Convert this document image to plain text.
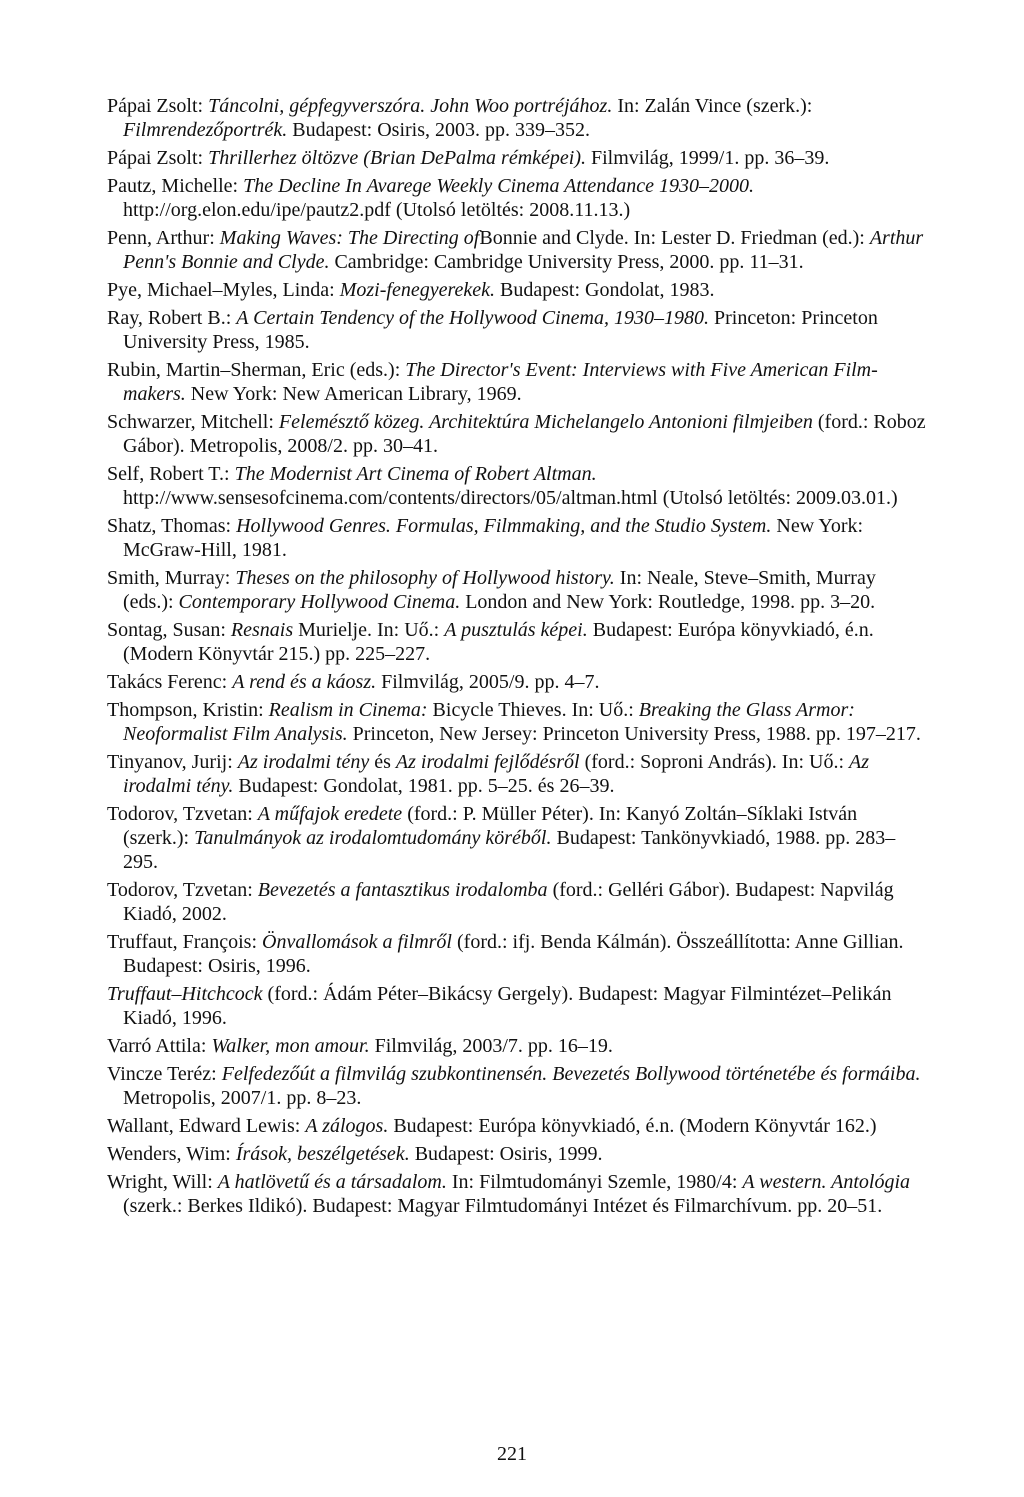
Pápai Zsolt: Táncolni, gépfegyverszóra. John Woo portréjához. In: Zalán Vince (szerk.): Filmrendezőportrék. Budapest: Osiris, 2003. pp. 339–352.

Pápai Zsolt: Thrillerhez öltözve (Brian DePalma rémképei). Filmvilág, 1999/1. pp. 36–39.

Pautz, Michelle: The Decline In Avarege Weekly Cinema Attendance 1930–2000. http://org.elon.edu/ipe/pautz2.pdf (Utolsó letöltés: 2008.11.13.)

Penn, Arthur: Making Waves: The Directing ofBonnie and Clyde. In: Lester D. Friedman (ed.): Arthur Penn's Bonnie and Clyde. Cambridge: Cambridge University Press, 2000. pp. 11–31.

Pye, Michael–Myles, Linda: Mozi-fenegyerekek. Budapest: Gondolat, 1983.

Ray, Robert B.: A Certain Tendency of the Hollywood Cinema, 1930–1980. Princeton: Princeton University Press, 1985.

Rubin, Martin–Sherman, Eric (eds.): The Director's Event: Interviews with Five American Film-makers. New York: New American Library, 1969.

Schwarzer, Mitchell: Felemésztő közeg. Architektúra Michelangelo Antonioni filmjeiben (ford.: Roboz Gábor). Metropolis, 2008/2. pp. 30–41.

Self, Robert T.: The Modernist Art Cinema of Robert Altman. http://www.sensesofcinema.com/contents/directors/05/altman.html (Utolsó letöltés: 2009.03.01.)

Shatz, Thomas: Hollywood Genres. Formulas, Filmmaking, and the Studio System. New York: McGraw-Hill, 1981.

Smith, Murray: Theses on the philosophy of Hollywood history. In: Neale, Steve–Smith, Murray (eds.): Contemporary Hollywood Cinema. London and New York: Routledge, 1998. pp. 3–20.

Sontag, Susan: Resnais Murielje. In: Uő.: A pusztulás képei. Budapest: Európa könyvkiadó, é.n. (Modern Könyvtár 215.) pp. 225–227.

Takács Ferenc: A rend és a káosz. Filmvilág, 2005/9. pp. 4–7.

Thompson, Kristin: Realism in Cinema: Bicycle Thieves. In: Uő.: Breaking the Glass Armor: Neoformalist Film Analysis. Princeton, New Jersey: Princeton University Press, 1988. pp. 197–217.

Tinyanov, Jurij: Az irodalmi tény és Az irodalmi fejlődésről (ford.: Soproni András). In: Uő.: Az irodalmi tény. Budapest: Gondolat, 1981. pp. 5–25. és 26–39.

Todorov, Tzvetan: A műfajok eredete (ford.: P. Müller Péter). In: Kanyó Zoltán–Síklaki István (szerk.): Tanulmányok az irodalomtudomány köréből. Budapest: Tankönyvkiadó, 1988. pp. 283–295.

Todorov, Tzvetan: Bevezetés a fantasztikus irodalomba (ford.: Gelléri Gábor). Budapest: Napvilág Kiadó, 2002.

Truffaut, François: Önvallomások a filmről (ford.: ifj. Benda Kálmán). Összeállította: Anne Gillian. Budapest: Osiris, 1996.

Truffaut–Hitchcock (ford.: Ádám Péter–Bikácsy Gergely). Budapest: Magyar Filmintézet–Pelikán Kiadó, 1996.

Varró Attila: Walker, mon amour. Filmvilág, 2003/7. pp. 16–19.

Vincze Teréz: Felfedezőút a filmvilág szubkontinensén. Bevezetés Bollywood történetébe és formáiba. Metropolis, 2007/1. pp. 8–23.

Wallant, Edward Lewis: A zálogos. Budapest: Európa könyvkiadó, é.n. (Modern Könyvtár 162.)

Wenders, Wim: Írások, beszélgetések. Budapest: Osiris, 1999.

Wright, Will: A hatlövetű és a társadalom. In: Filmtudományi Szemle, 1980/4: A western. Antológia (szerk.: Berkes Ildikó). Budapest: Magyar Filmtudományi Intézet és Filmarchívum. pp. 20–51.

221
